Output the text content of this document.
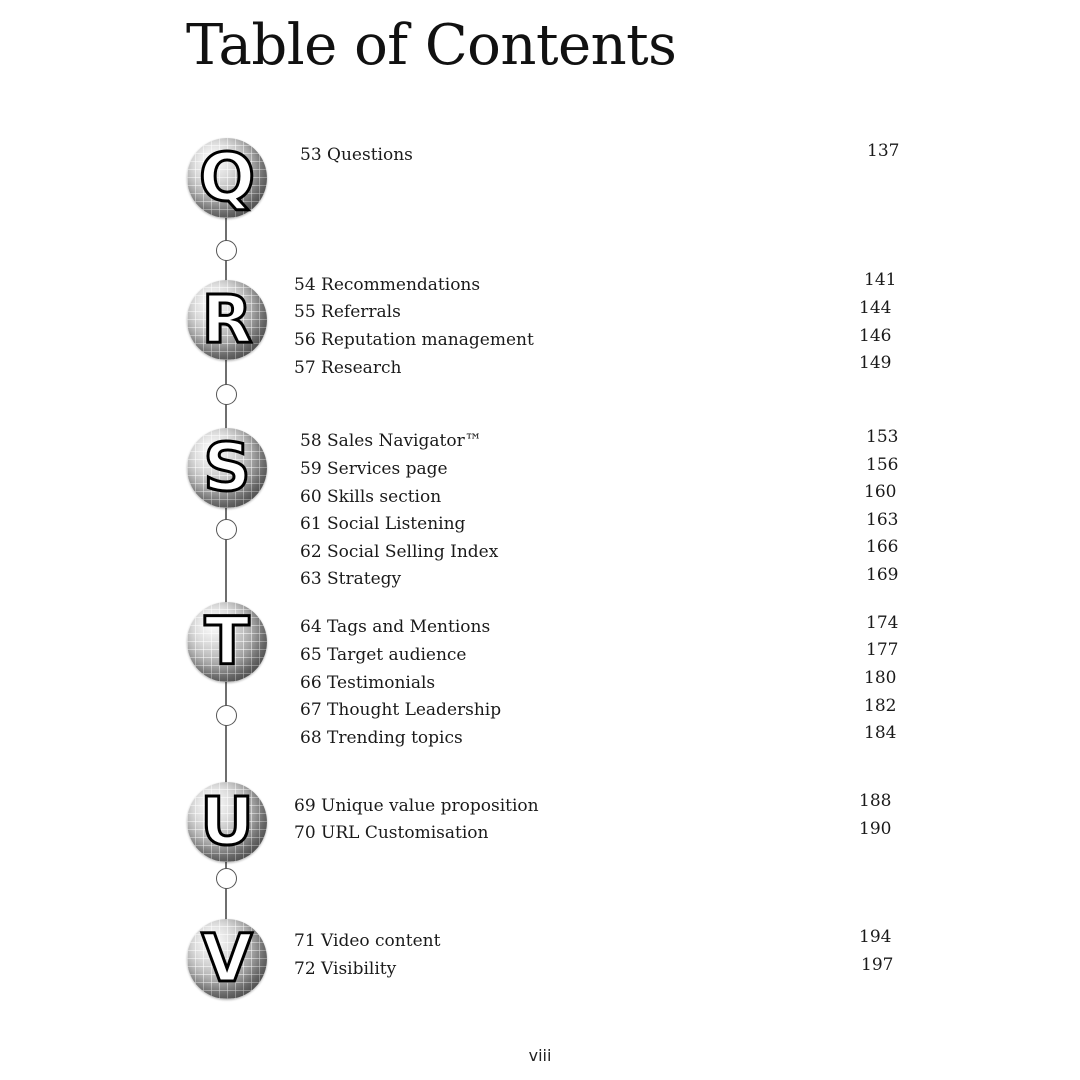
Table of Contents
Q	53 Questions	137
R	54 Recommendations	141
55 Referrals	144
56 Reputation management	146
57 Research	149
S	58 Sales Navigator™	153
59 Services page	156
60 Skills section	160
61 Social Listening	163
62 Social Selling Index	166
63 Strategy	169
T	64 Tags and Mentions	174
65 Target audience	177
66 Testimonials	180
67 Thought Leadership	182
68 Trending topics	184
U	69 Unique value proposition	188
70 URL Customisation	190
V	71 Video content	194
72 Visibility	197
viii
